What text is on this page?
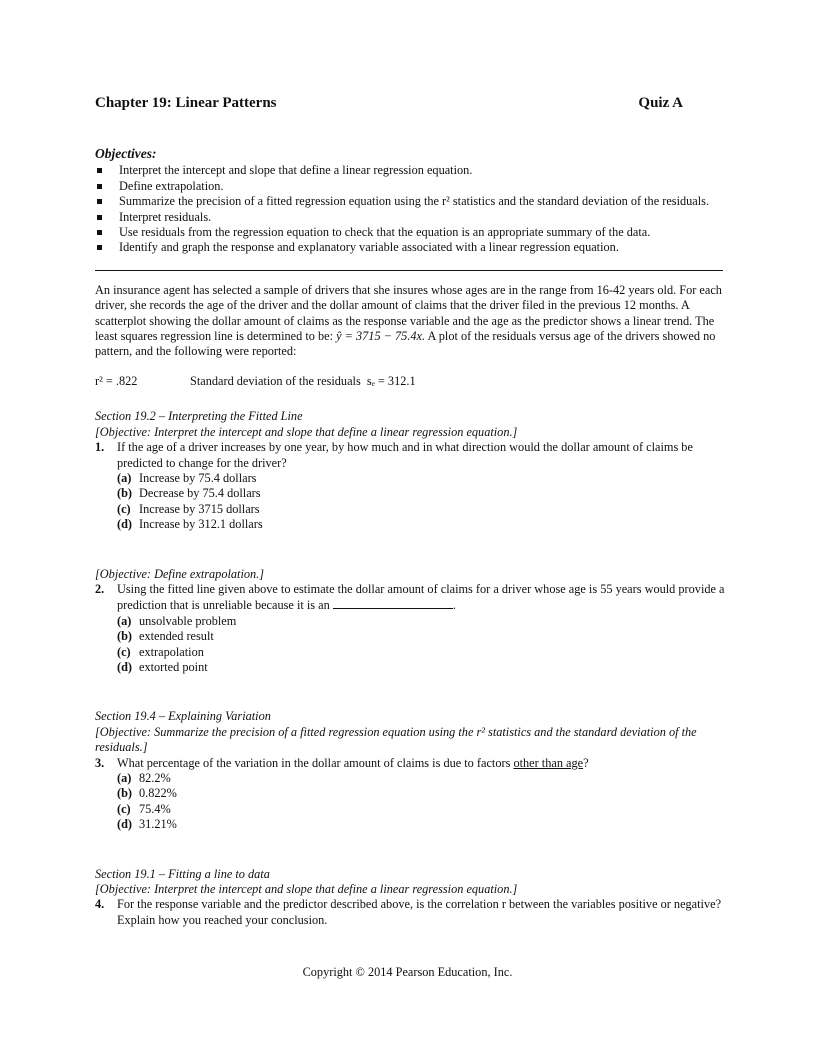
Chapter 19: Linear Patterns	Quiz A
Objectives:
Interpret the intercept and slope that define a linear regression equation.
Define extrapolation.
Summarize the precision of a fitted regression equation using the r² statistics and the standard deviation of the residuals.
Interpret residuals.
Use residuals from the regression equation to check that the equation is an appropriate summary of the data.
Identify and graph the response and explanatory variable associated with a linear regression equation.

An insurance agent has selected a sample of drivers that she insures whose ages are in the range from 16-42 years old. For each driver, she records the age of the driver and the dollar amount of claims that the driver filed in the previous 12 months. A scatterplot showing the dollar amount of claims as the response variable and the age as the predictor shows a linear trend. The least squares regression line is determined to be: ŷ = 3715 − 75.4x. A plot of the residuals versus age of the drivers showed no pattern, and the following were reported:

r² = .822	Standard deviation of the residuals
sₑ = 312.1
Section 19.2 – Interpreting the Fitted Line
[Objective: Interpret the intercept and slope that define a linear regression equation.]
1.	If the age of a driver increases by one year, by how much and in what direction would the dollar amount of claims be predicted to change for the driver?
(a) Increase by 75.4 dollars
(b) Decrease by 75.4 dollars
(c) Increase by 3715 dollars
(d) Increase by 312.1 dollars
[Objective: Define extrapolation.]
2.	Using the fitted line given above to estimate the dollar amount of claims for a driver whose age is 55 years would provide a prediction that is unreliable because it is an	.
(a) unsolvable problem
(b) extended result
(c) extrapolation
(d) extorted point
Section 19.4 – Explaining Variation
[Objective: Summarize the precision of a fitted regression equation using the r² statistics and the standard deviation of the residuals.]
3.	What percentage of the variation in the dollar amount of claims is due to factors other than age?
(a) 82.2%
(b) 0.822%
(c) 75.4%
(d) 31.21%
Section 19.1 – Fitting a line to data
[Objective: Interpret the intercept and slope that define a linear regression equation.]
4.	For the response variable and the predictor described above, is the correlation r between the variables positive or negative? Explain how you reached your conclusion.
Copyright © 2014 Pearson Education, Inc.
